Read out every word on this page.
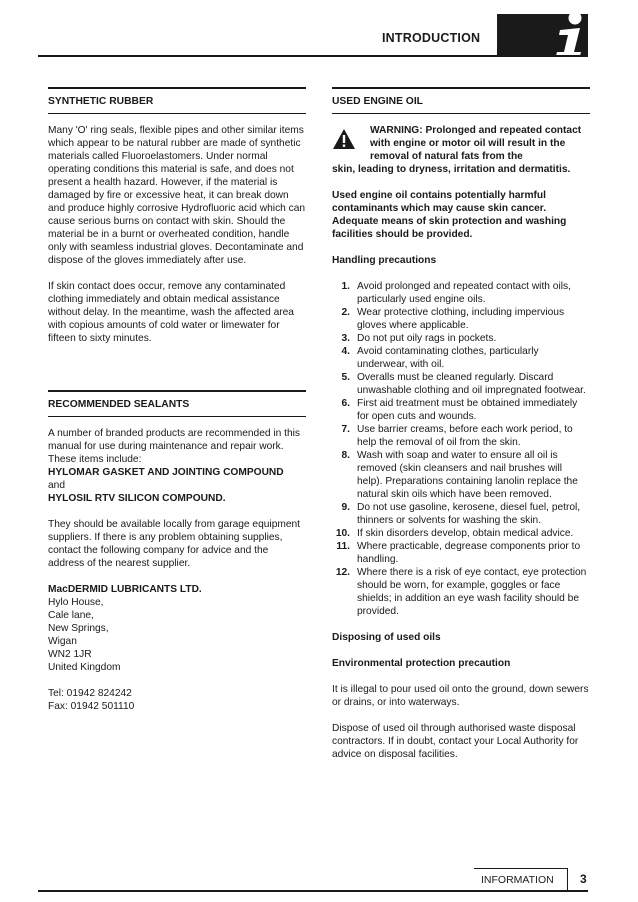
INTRODUCTION
SYNTHETIC RUBBER

Many 'O' ring seals, flexible pipes and other similar items which appear to be natural rubber are made of synthetic materials called Fluoroelastomers. Under normal operating conditions this material is safe, and does not present a health hazard. However, if the material is damaged by fire or excessive heat, it can break down and produce highly corrosive Hydrofluoric acid which can cause serious burns on contact with skin. Should the material be in a burnt or overheated condition, handle only with seamless industrial gloves. Decontaminate and dispose of the gloves immediately after use.

If skin contact does occur, remove any contaminated clothing immediately and obtain medical assistance without delay. In the meantime, wash the affected area with copious amounts of cold water or limewater for fifteen to sixty minutes.

RECOMMENDED SEALANTS

A number of branded products are recommended in this manual for use during maintenance and repair work.

These items include:
HYLOMAR GASKET AND JOINTING COMPOUND
and
HYLOSIL RTV SILICON COMPOUND.

They should be available locally from garage equipment suppliers. If there is any problem obtaining supplies, contact the following company for advice and the address of the nearest supplier.

MacDERMID LUBRICANTS LTD.
Hylo House,
Cale lane,
New Springs,
Wigan
WN2 1JR
United Kingdom
Tel: 01942 824242
Fax: 01942 501110
USED ENGINE OIL
WARNING: Prolonged and repeated contact with engine or motor oil will result in the removal of natural fats from the
skin, leading to dryness, irritation and dermatitis.

Used engine oil contains potentially harmful contaminants which may cause skin cancer. Adequate means of skin protection and washing facilities should be provided.

Handling precautions

1. Avoid prolonged and repeated contact with oils, particularly used engine oils.
2. Wear protective clothing, including impervious gloves where applicable.
3. Do not put oily rags in pockets.
4. Avoid contaminating clothes, particularly underwear, with oil.
5. Overalls must be cleaned regularly. Discard unwashable clothing and oil impregnated footwear.
6. First aid treatment must be obtained immediately for open cuts and wounds.
7. Use barrier creams, before each work period, to help the removal of oil from the skin.
8. Wash with soap and water to ensure all oil is removed (skin cleansers and nail brushes will help). Preparations containing lanolin replace the natural skin oils which have been removed.
9. Do not use gasoline, kerosene, diesel fuel, petrol, thinners or solvents for washing the skin.
10. If skin disorders develop, obtain medical advice.
11. Where practicable, degrease components prior to handling.
12. Where there is a risk of eye contact, eye protection should be worn, for example, goggles or face shields; in addition an eye wash facility should be provided.

Disposing of used oils

Environmental protection precaution

It is illegal to pour used oil onto the ground, down sewers or drains, or into waterways.

Dispose of used oil through authorised waste disposal contractors. If in doubt, contact your Local Authority for advice on disposal facilities.

INFORMATION 3
